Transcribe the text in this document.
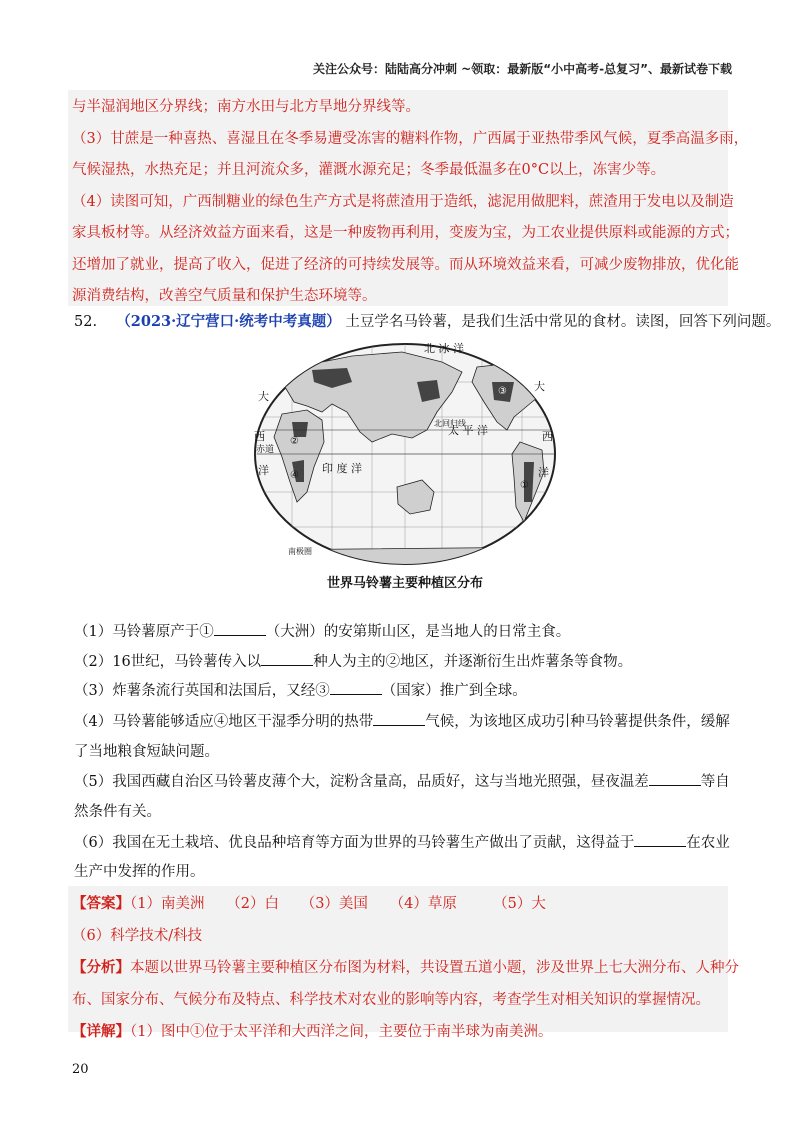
关注公众号：陆陆高分冲刺 ~领取：最新版“小中高考-总复习”、最新试卷下载
与半湿润地区分界线；南方水田与北方旱地分界线等。
（3）甘蔗是一种喜热、喜湿且在冬季易遭受冻害的糖料作物，广西属于亚热带季风气候，夏季高温多雨，
气候湿热，水热充足；并且河流众多，灌溉水源充足；冬季最低温多在0°C以上，冻害少等。
（4）读图可知，广西制糖业的绿色生产方式是将蔗渣用于造纸，滤泥用做肥料，蔗渣用于发电以及制造
家具板材等。从经济效益方面来看，这是一种废物再利用，变废为宝，为工农业提供原料或能源的方式；
还增加了就业，提高了收入，促进了经济的可持续发展等。而从环境效益来看，可减少废物排放，优化能
源消费结构，改善空气质量和保护生态环境等。
52. （2023·辽宁营口·统考中考真题） 土豆学名马铃薯，是我们生活中常见的食材。读图，回答下列问题。
北 冰 洋
太 平 洋
印 度 洋
大
西
洋
大
西
洋
北回归线
赤道
南极圈
③
②
④
①
世界马铃薯主要种植区分布
（1）马铃薯原产于①	（大洲）的安第斯山区，是当地人的日常主食。
（2）16世纪，马铃薯传入以	种人为主的②地区，并逐渐衍生出炸薯条等食物。
（3）炸薯条流行英国和法国后，又经③	（国家）推广到全球。
（4）马铃薯能够适应④地区干湿季分明的热带	气候，为该地区成功引种马铃薯提供条件，缓解
了当地粮食短缺问题。
（5）我国西藏自治区马铃薯皮薄个大，淀粉含量高，品质好，这与当地光照强，昼夜温差	等自
然条件有关。
（6）我国在无土栽培、优良品种培育等方面为世界的马铃薯生产做出了贡献，这得益于	在农业
生产中发挥的作用。
【答案】（1）南美洲　　（2）白　　（3）美国　　（4）草原　　　（5）大
（6）科学技术/科技
【分析】本题以世界马铃薯主要种植区分布图为材料，共设置五道小题，涉及世界上七大洲分布、人种分
布、国家分布、气候分布及特点、科学技术对农业的影响等内容，考查学生对相关知识的掌握情况。
【详解】（1）图中①位于太平洋和大西洋之间，主要位于南半球为南美洲。
20
